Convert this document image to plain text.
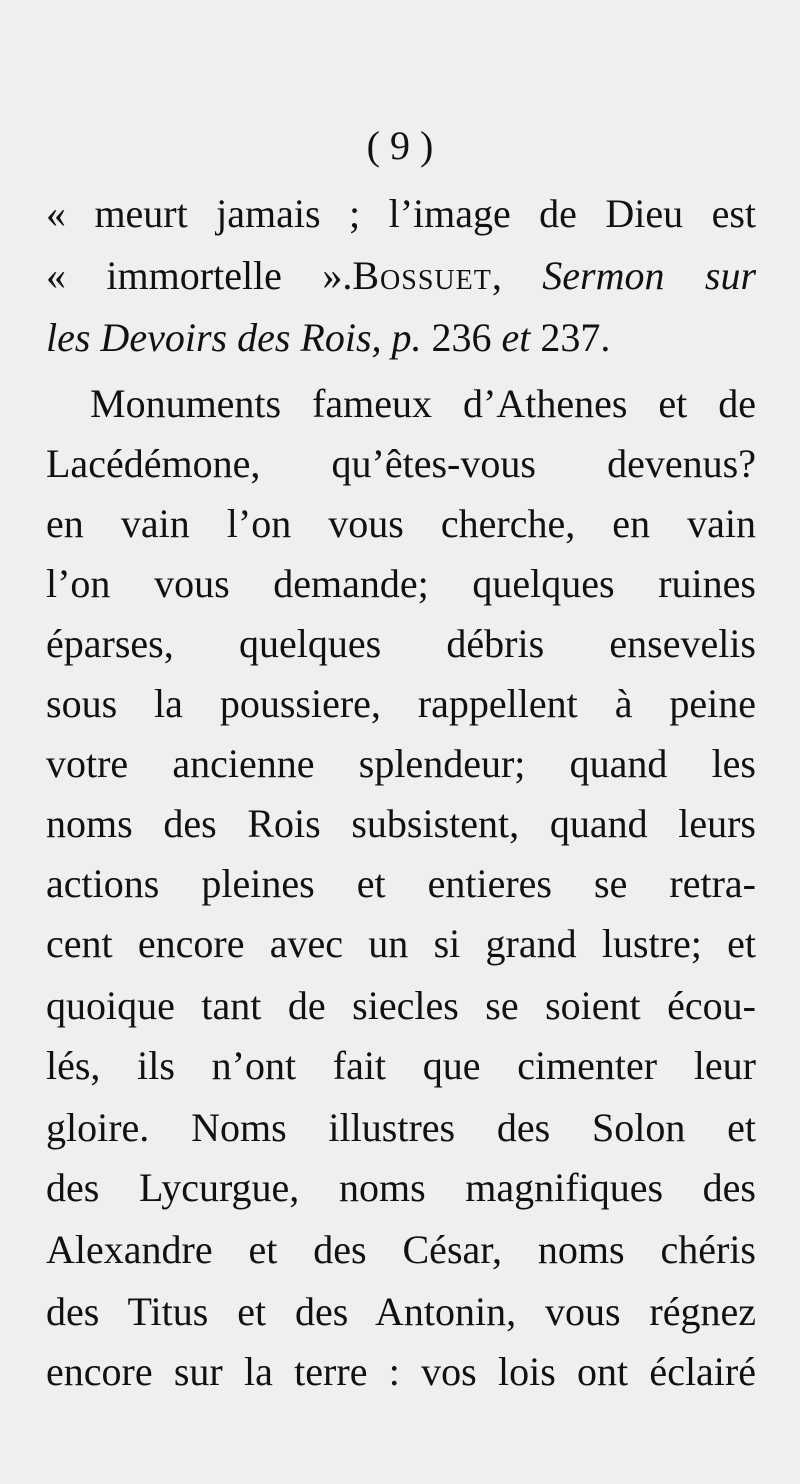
( 9 )
« meurt jamais ; l’image de Dieu est
« immortelle ».Bossuet, Sermon sur
les Devoirs des Rois, p. 236 et 237.
Monuments fameux d’Athenes et de
Lacédémone, qu’êtes-vous devenus?
en vain l’on vous cherche, en vain
l’on vous demande; quelques ruines
éparses, quelques débris ensevelis
sous la poussiere, rappellent à peine
votre ancienne splendeur; quand les
noms des Rois subsistent, quand leurs
actions pleines et entieres se retra-
cent encore avec un si grand lustre; et
quoique tant de siecles se soient écou-
lés, ils n’ont fait que cimenter leur
gloire. Noms illustres des Solon et
des Lycurgue, noms magnifiques des
Alexandre et des César, noms chéris
des Titus et des Antonin, vous régnez
encore sur la terre : vos lois ont éclairé
